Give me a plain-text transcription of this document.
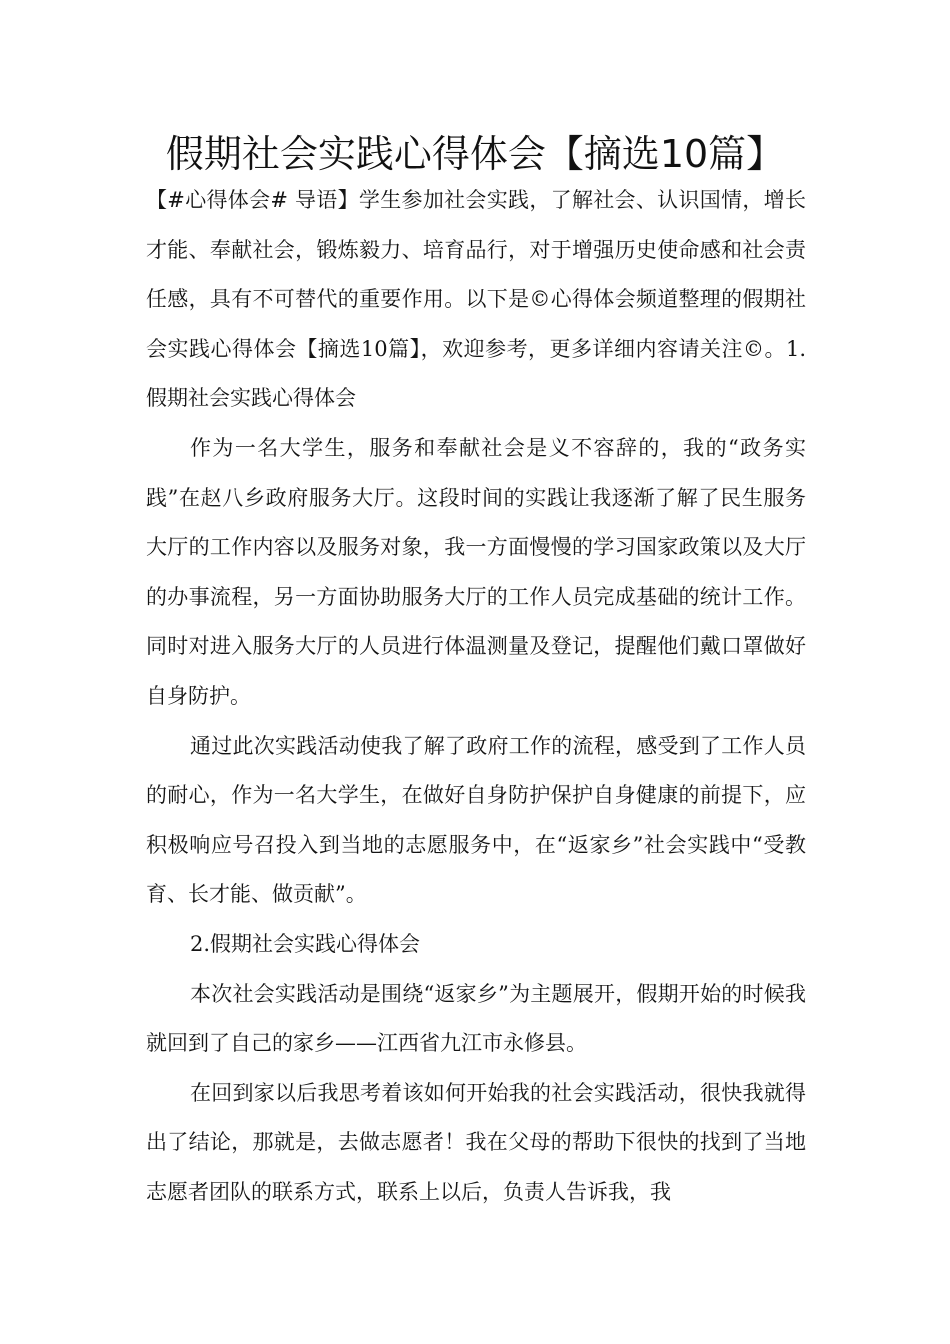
假期社会实践心得体会【摘选10篇】

【#心得体会# 导语】学生参加社会实践，了解社会、认识国情，增长才能、奉献社会，锻炼毅力、培育品行，对于增强历史使命感和社会责任感，具有不可替代的重要作用。以下是©心得体会频道整理的假期社会实践心得体会【摘选10篇】，欢迎参考，更多详细内容请关注©。1.假期社会实践心得体会

作为一名大学生，服务和奉献社会是义不容辞的，我的“政务实践”在赵八乡政府服务大厅。这段时间的实践让我逐渐了解了民生服务大厅的工作内容以及服务对象，我一方面慢慢的学习国家政策以及大厅的办事流程，另一方面协助服务大厅的工作人员完成基础的统计工作。同时对进入服务大厅的人员进行体温测量及登记，提醒他们戴口罩做好自身防护。

通过此次实践活动使我了解了政府工作的流程，感受到了工作人员的耐心，作为一名大学生，在做好自身防护保护自身健康的前提下，应积极响应号召投入到当地的志愿服务中，在“返家乡”社会实践中“受教育、长才能、做贡献”。

2.假期社会实践心得体会

本次社会实践活动是围绕“返家乡”为主题展开，假期开始的时候我就回到了自己的家乡——江西省九江市永修县。

在回到家以后我思考着该如何开始我的社会实践活动，很快我就得出了结论，那就是，去做志愿者！我在父母的帮助下很快的找到了当地志愿者团队的联系方式，联系上以后，负责人告诉我，我
